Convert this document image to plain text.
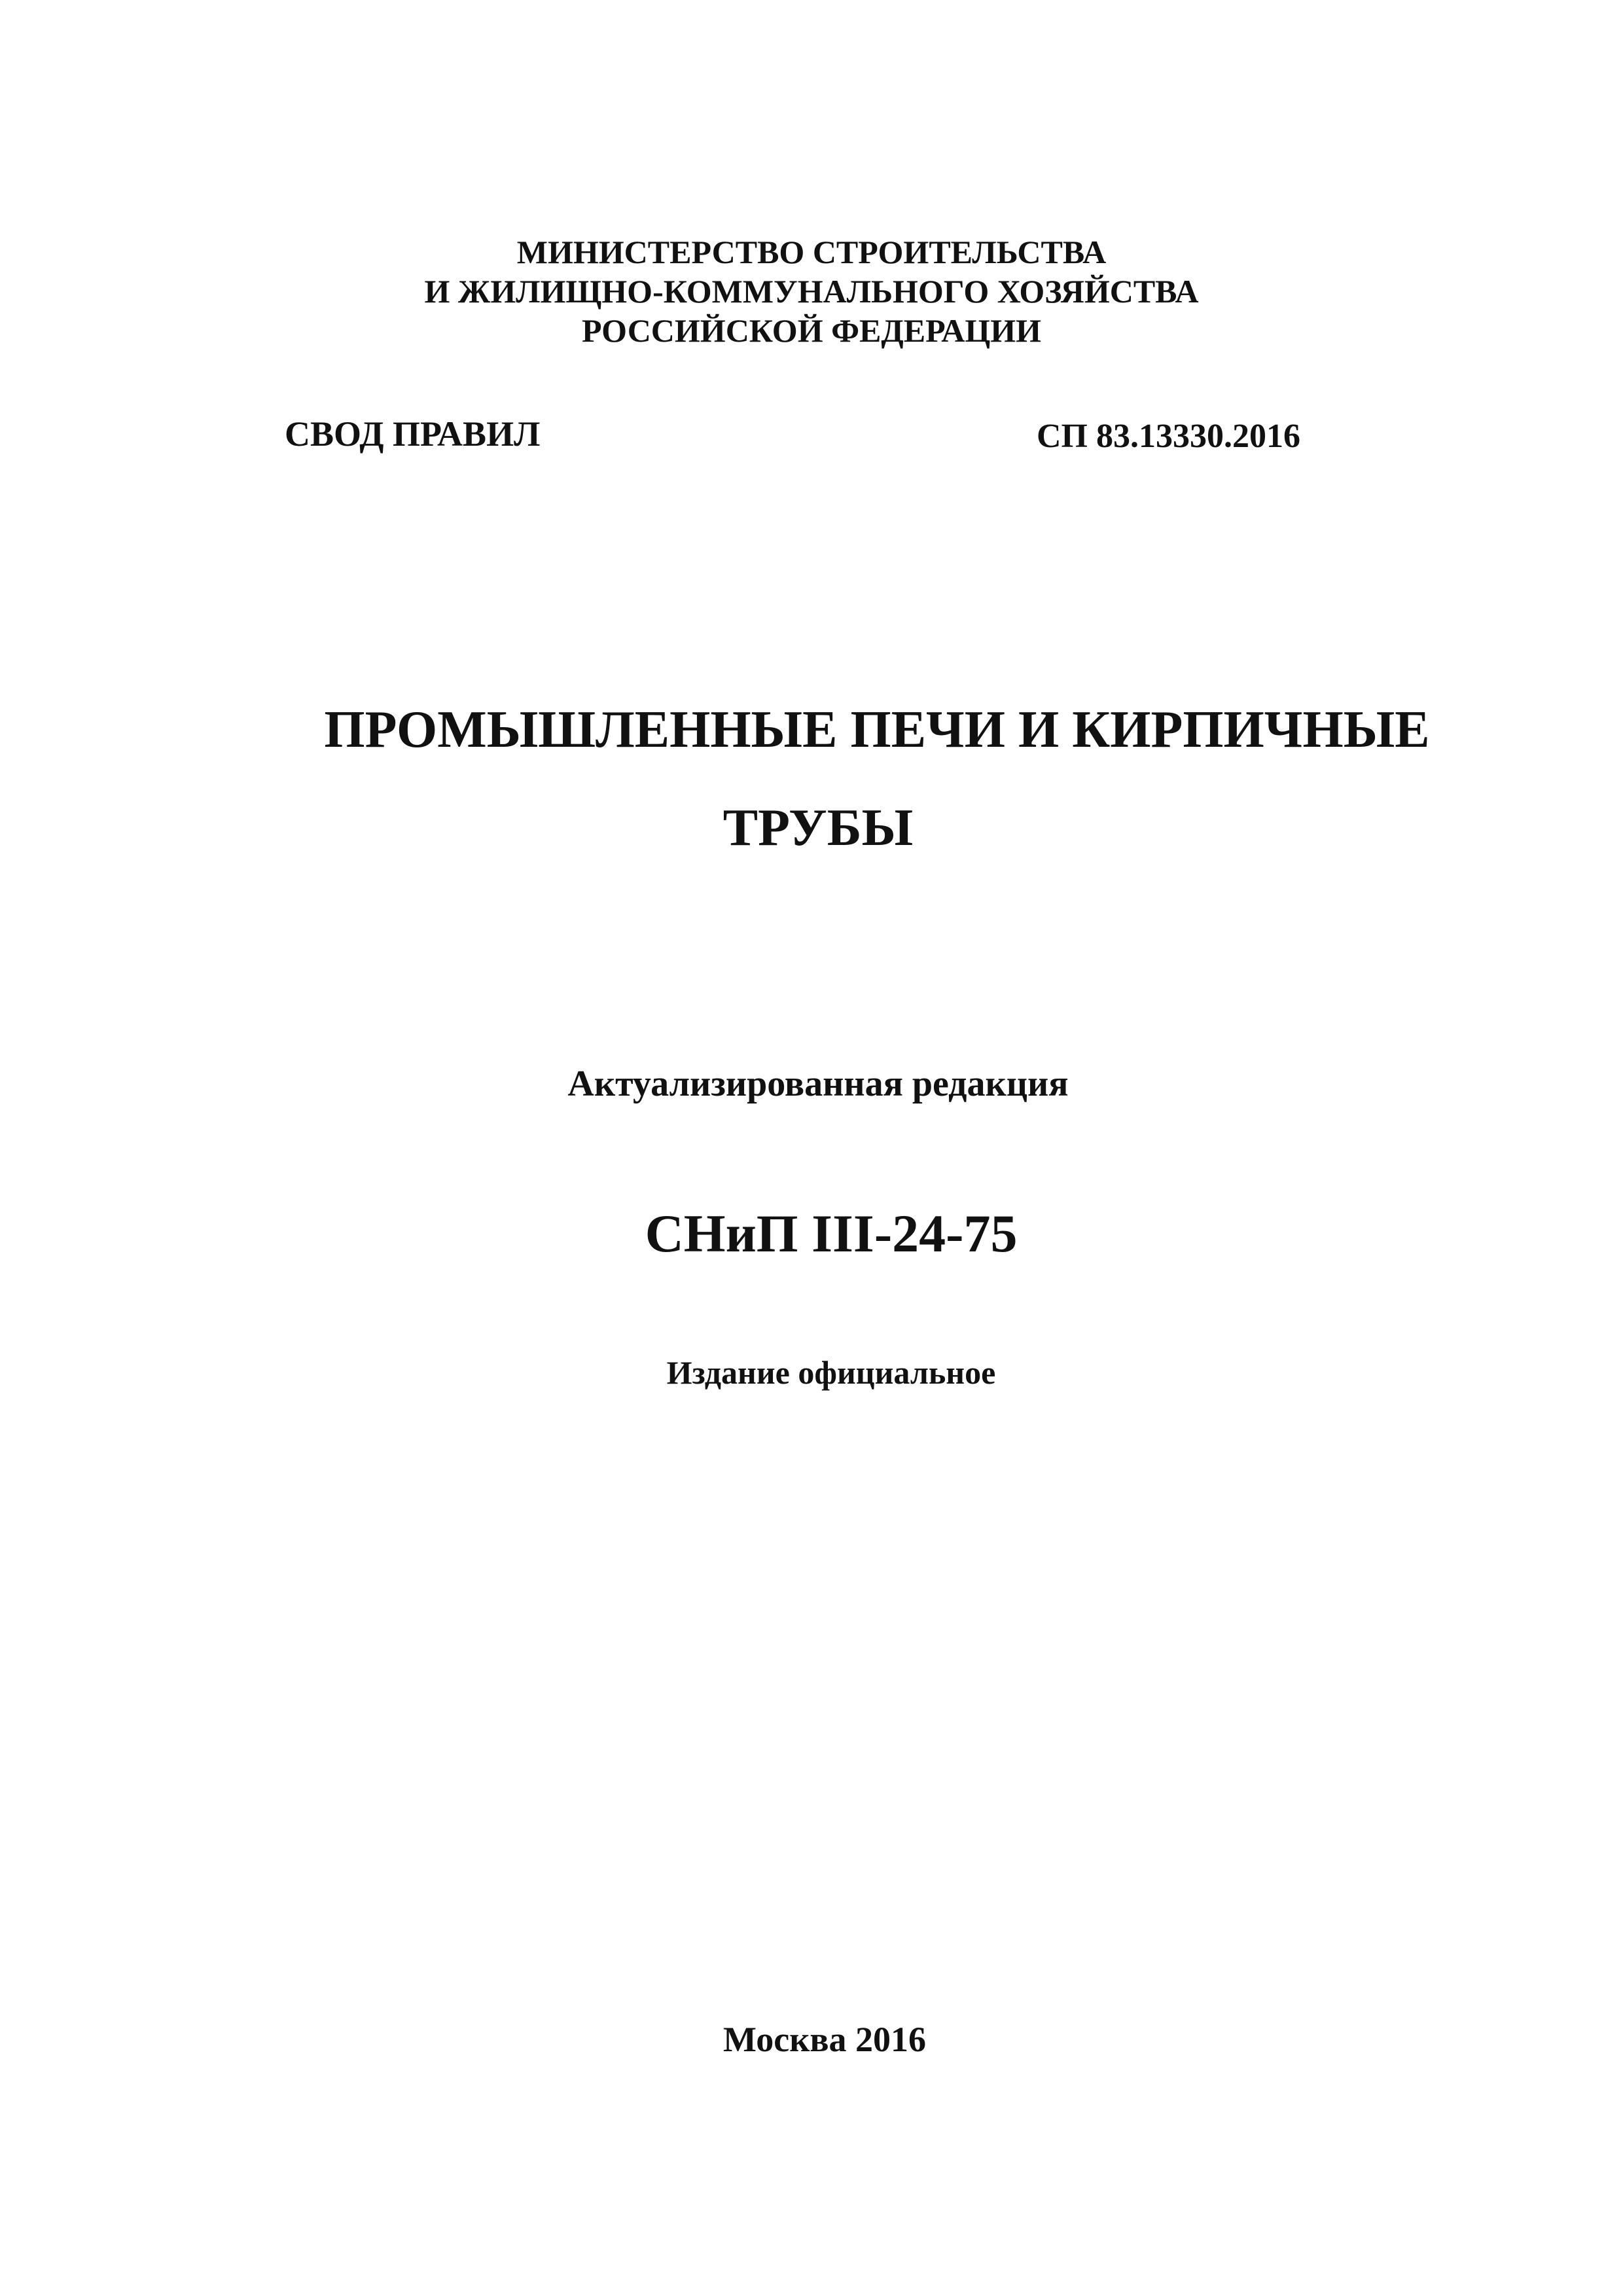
МИНИСТЕРСТВО СТРОИТЕЛЬСТВА
И ЖИЛИЩНО-КОММУНАЛЬНОГО ХОЗЯЙСТВА
РОССИЙСКОЙ ФЕДЕРАЦИИ
СВОД ПРАВИЛ	СП 83.13330.2016
ПРОМЫШЛЕННЫЕ ПЕЧИ И КИРПИЧНЫЕ
ТРУБЫ
Актуализированная редакция
СНиП III-24-75
Издание официальное
Москва 2016
